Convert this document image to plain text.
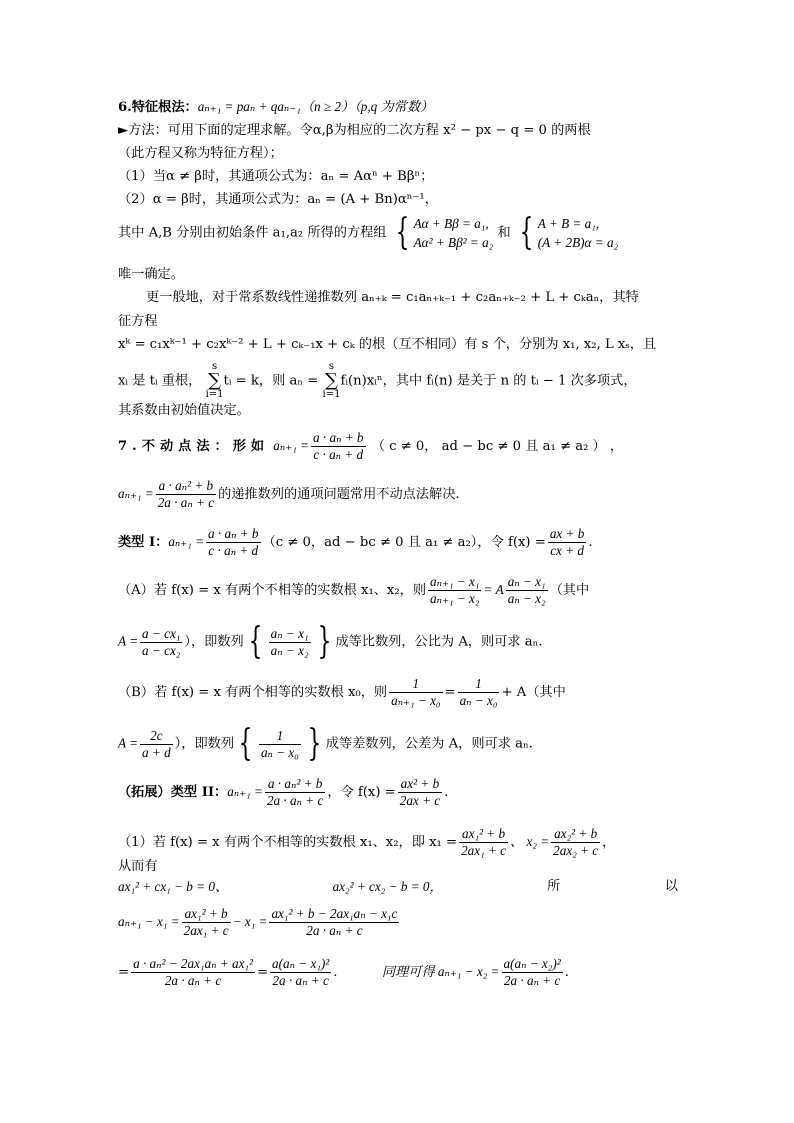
6.特征根法：aₙ₊₁ = paₙ + qaₙ₋₁（n ≥ 2）（p,q 为常数）
►方法：可用下面的定理求解。令α,β为相应的二次方程 x² − px − q = 0 的两根
（此方程又称为特征方程）；
（1）当α ≠ β时，其通项公式为：aₙ = Aαⁿ + Bβⁿ；
（2）α = β时，其通项公式为：aₙ = (A + Bn)αⁿ⁻¹，
其中 A,B 分别由初始条件 a₁,a₂ 所得的方程组 { Aα + Bβ = a₁,
Aα² + Bβ² = a₂ 和 { A + B = a₁,
(A + 2B)α = a₂
唯一确定。
更一般地，对于常系数线性递推数列 aₙ₊ₖ = c₁aₙ₊ₖ₋₁ + c₂aₙ₊ₖ₋₂ + L + cₖaₙ，其特
征方程
xᵏ = c₁xᵏ⁻¹ + c₂xᵏ⁻² + L + cₖ₋₁x + cₖ 的根（互不相同）有 s 个，分别为 x₁, x₂, L xₛ，且
xᵢ 是 tᵢ 重根， s
∑
i=1tᵢ = k，则 aₙ = s
∑
i=1fᵢ(n)xᵢⁿ，其中 fᵢ(n) 是关于 n 的 tᵢ − 1 次多项式，
其系数由初始值决定。
7.不动点法：形如 $a_{n+1} = \frac{\text{a · aₙ + b}}{\text{c · aₙ + d}}$ （ c ≠ 0， ad − bc ≠ 0 且 a₁ ≠ a₂ ） ，
$a_{n+1} = \frac{\text{a · aₙ² + b}}{\text{2a · aₙ + c}}$ 的递推数列的通项问题常用不动点法解决.
类型 I：$a_{n+1} = \frac{\text{a · aₙ + b}}{\text{c · aₙ + d}} (c \ne 0$，ad − bc ≠ 0 且 a₁ ≠ a₂），令 $f(x) = \frac{ax + b}{cx + d}$ .
（A）若 f(x) = x 有两个不相等的实数根 x₁、x₂，则 $\frac{\text{aₙ₊₁ − x₁}}{\text{aₙ₊₁ − x₂}} = A \frac{\text{aₙ − x₁}}{\text{aₙ − x₂}}$ （其中
$A = \frac{\text{a − cx₁}}{\text{a − cx₂}}$ ），即数列 { $\frac{\text{aₙ − x₁}}{\text{aₙ − x₂}}$ } 成等比数列，公比为 A，则可求 aₙ.
（B）若 f(x) = x 有两个相等的实数根 x₀，则 $\frac{1}{\text{aₙ₊₁ − x₀}} = \frac{1}{\text{aₙ − x₀}} + A$（其中
$A = \frac{2c}{a + d}$ ），即数列 { $\frac{1}{\text{aₙ − x₀}}$ } 成等差数列，公差为 A，则可求 aₙ.
（拓展）类型 II：$a_{n+1} = \frac{\text{a · aₙ² + b}}{\text{2a · aₙ + c}}$ ，令 $f(x) = \frac{\text{ax² + b}}{2ax + c}$ .
（1）若 f(x) = x 有两个不相等的实数根 x₁、x₂，即 $x_1 = \frac{\text{ax₁² + b}}{\text{2ax₁ + c}}$ 、 $x_2 = \frac{\text{ax₂² + b}}{\text{2ax₂ + c}}$ ，
从而有
ax₁² + cx₁ − b = 0、	ax₂² + cx₂ − b = 0，	所	以
$a_{n+1} - x_1 = \frac{\text{ax₁² + b}}{\text{2ax₁ + c}} - x_1 = \frac{\text{ax₁² + b − 2ax₁aₙ − x₁c}}{\text{2a · aₙ + c}}$
= $\frac{\text{a · aₙ² − 2ax₁aₙ + ax₁²}}{\text{2a · aₙ + c}} = \frac{\text{a(aₙ − x₁)²}}{\text{2a · aₙ + c}}$ .	同理可得 $a_{n+1} - x_2 = \frac{\text{a(aₙ − x₂)²}}{\text{2a · aₙ + c}}$ .
